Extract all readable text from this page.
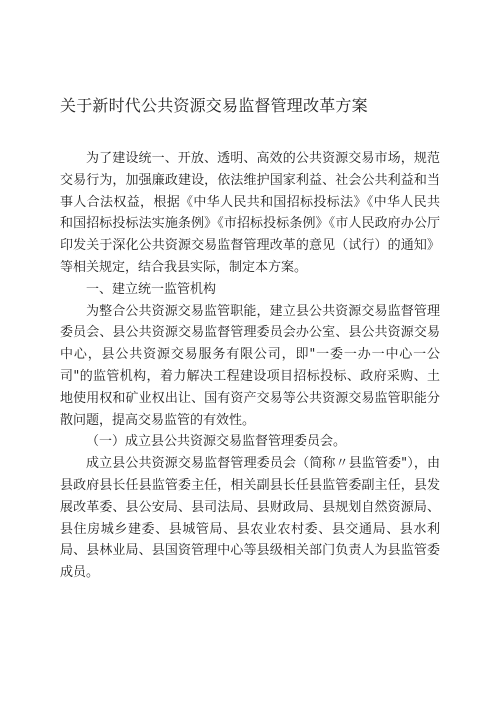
关于新时代公共资源交易监督管理改革方案

为了建设统一、开放、透明、高效的公共资源交易市场，规范交易行为，加强廉政建设，依法维护国家利益、社会公共利益和当事人合法权益，根据《中华人民共和国招标投标法》《中华人民共和国招标投标法实施条例》《市招标投标条例》《市人民政府办公厅印发关于深化公共资源交易监督管理改革的意见（试行）的通知》等相关规定，结合我县实际，制定本方案。

一、建立统一监管机构

为整合公共资源交易监管职能，建立县公共资源交易监督管理委员会、县公共资源交易监督管理委员会办公室、县公共资源交易中心，县公共资源交易服务有限公司，即"一委一办一中心一公司"的监管机构，着力解决工程建设项目招标投标、政府采购、土地使用权和矿业权出让、国有资产交易等公共资源交易监管职能分散问题，提高交易监管的有效性。

（一）成立县公共资源交易监督管理委员会。

成立县公共资源交易监督管理委员会（简称〃县监管委"），由县政府县长任县监管委主任，相关副县长任县监管委副主任，县发展改革委、县公安局、县司法局、县财政局、县规划自然资源局、县住房城乡建委、县城管局、县农业农村委、县交通局、县水利局、县林业局、县国资管理中心等县级相关部门负责人为县监管委成员。
